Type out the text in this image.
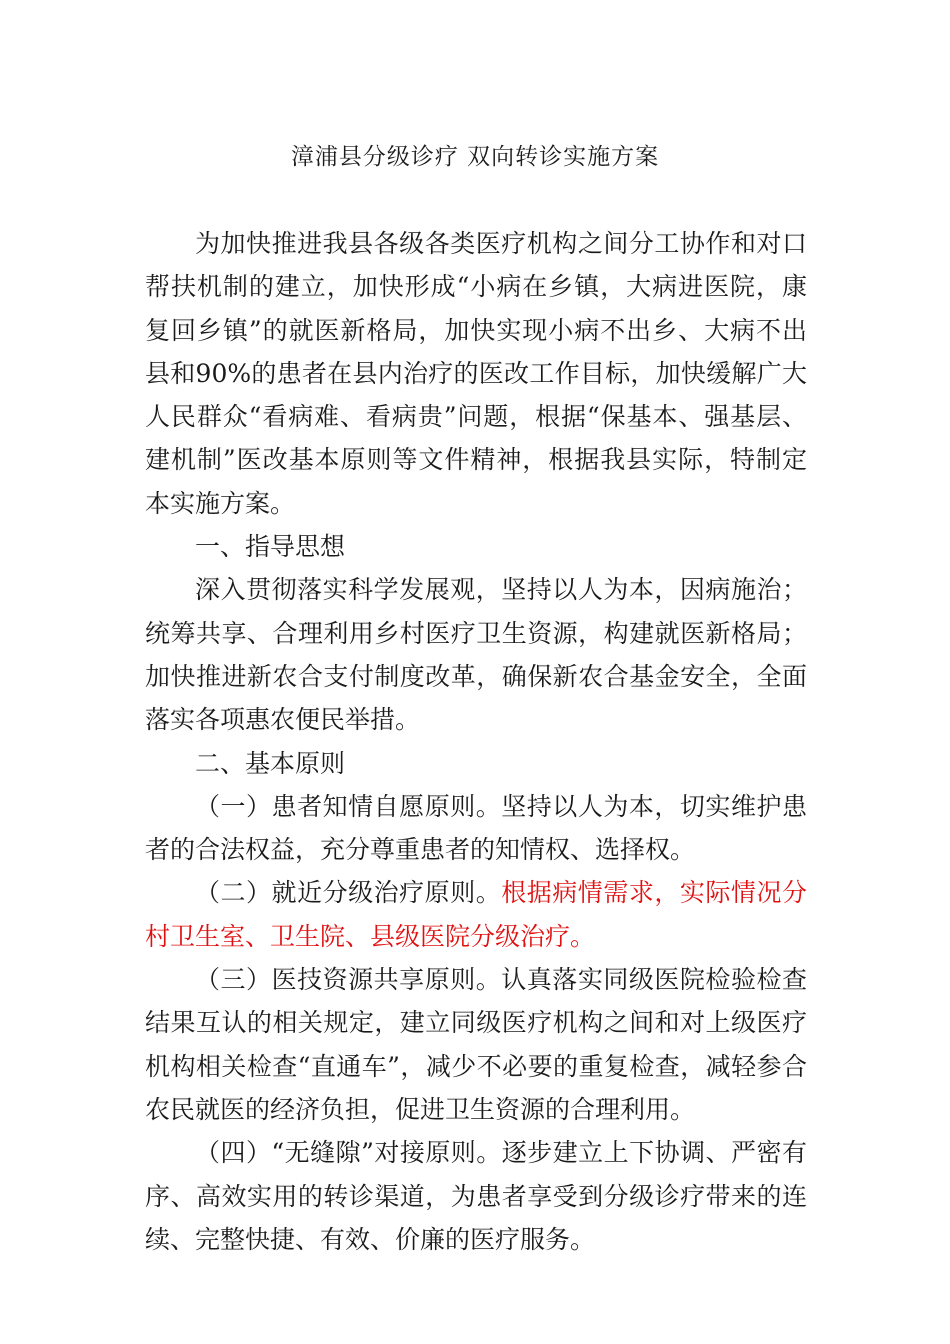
漳浦县分级诊疗 双向转诊实施方案

为加快推进我县各级各类医疗机构之间分工协作和对口帮扶机制的建立，加快形成“小病在乡镇，大病进医院，康复回乡镇”的就医新格局，加快实现小病不出乡、大病不出县和90%的患者在县内治疗的医改工作目标，加快缓解广大人民群众“看病难、看病贵”问题，根据“保基本、强基层、建机制”医改基本原则等文件精神，根据我县实际，特制定本实施方案。

一、指导思想

深入贯彻落实科学发展观，坚持以人为本，因病施治；统筹共享、合理利用乡村医疗卫生资源，构建就医新格局；加快推进新农合支付制度改革，确保新农合基金安全，全面落实各项惠农便民举措。

二、基本原则

（一）患者知情自愿原则。坚持以人为本，切实维护患者的合法权益，充分尊重患者的知情权、选择权。

（二）就近分级治疗原则。根据病情需求，实际情况分村卫生室、卫生院、县级医院分级治疗。

（三）医技资源共享原则。认真落实同级医院检验检查结果互认的相关规定，建立同级医疗机构之间和对上级医疗机构相关检查“直通车”，减少不必要的重复检查，减轻参合农民就医的经济负担，促进卫生资源的合理利用。

（四）“无缝隙”对接原则。逐步建立上下协调、严密有序、高效实用的转诊渠道，为患者享受到分级诊疗带来的连续、完整快捷、有效、价廉的医疗服务。
